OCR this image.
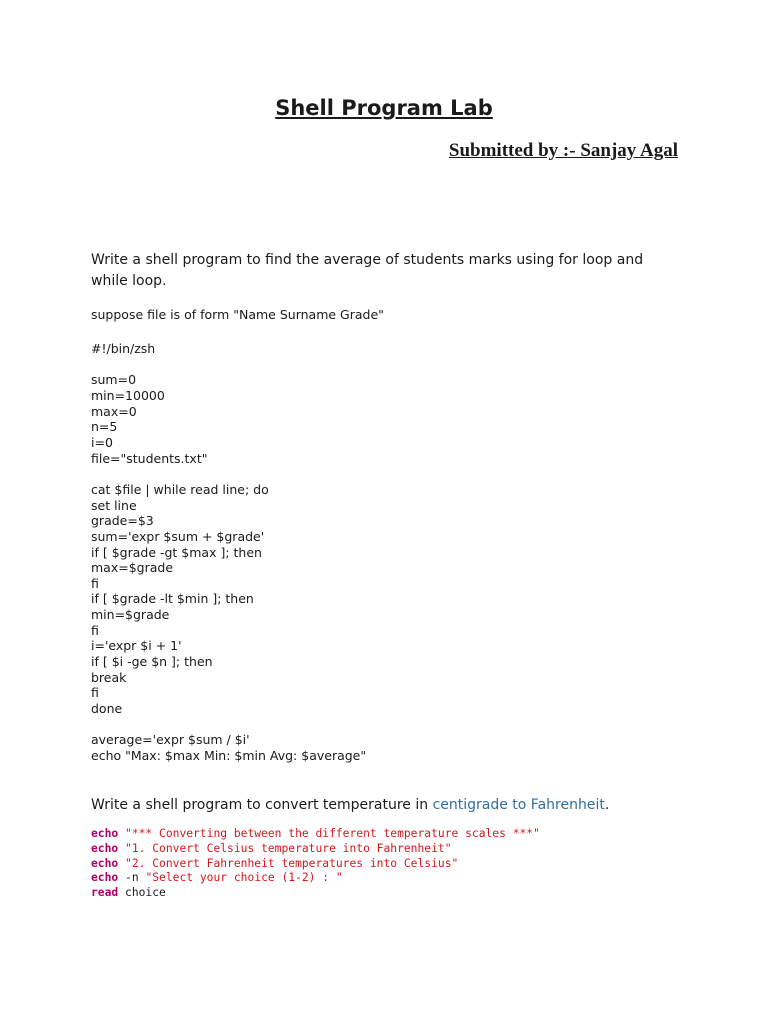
Shell Program Lab

Submitted by :- Sanjay Agal

Write a shell program to find the average of students marks using for loop and while loop.

suppose file is of form "Name Surname Grade"

#!/bin/zsh
sum=0
min=10000
max=0
n=5
i=0
file="students.txt"
cat $file | while read line; do
set line
grade=$3
sum='expr $sum + $grade'
if [ $grade -gt $max ]; then
max=$grade
fi
if [ $grade -lt $min ]; then
min=$grade
fi
i='expr $i + 1'
if [ $i -ge $n ]; then
break
fi
done
average='expr $sum / $i'
echo "Max: $max Min: $min Avg: $average"

Write a shell program to convert temperature in centigrade to Fahrenheit.

echo "*** Converting between the different temperature scales ***"
echo "1. Convert Celsius temperature into Fahrenheit"
echo "2. Convert Fahrenheit temperatures into Celsius"
echo -n "Select your choice (1-2) : "
read choice
